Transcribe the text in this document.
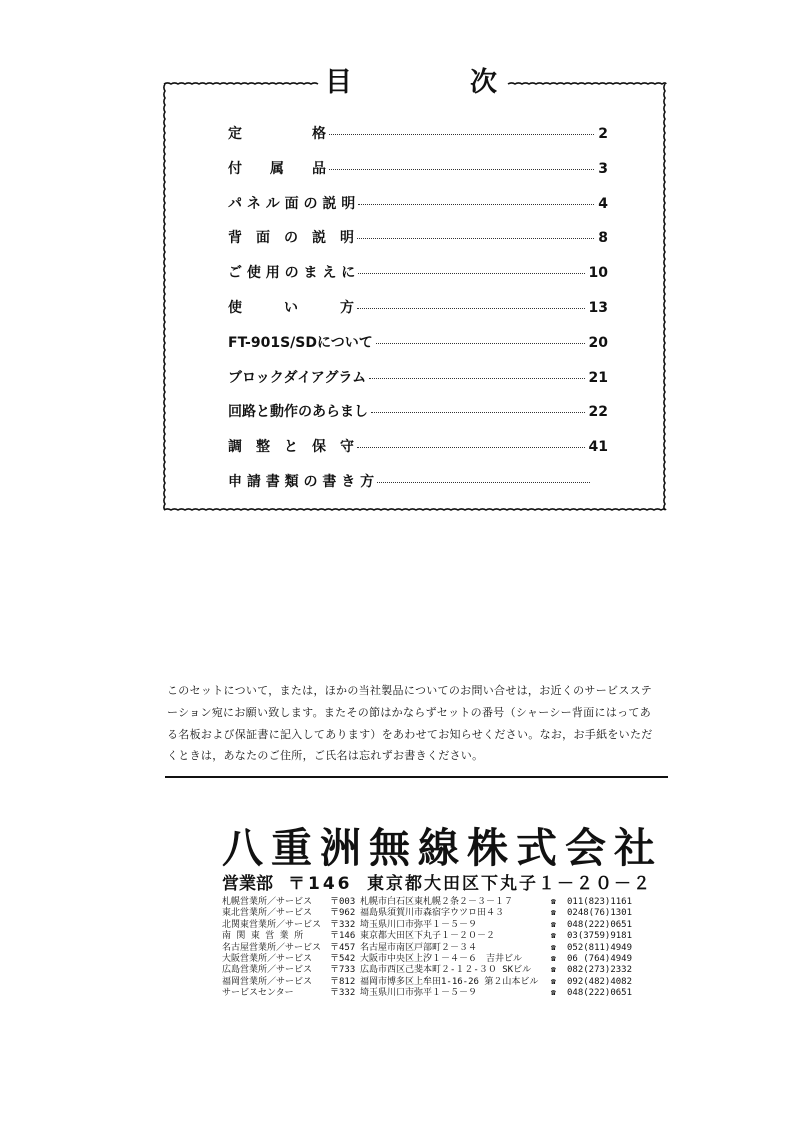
目	次
定　　　　　格	2
付　　属　　品	3
パ ネ ル 面 の 説 明	4
背　面　の　説　明	8
ご 使 用 の ま え に	10
使　　　い　　　方	13
FT-901S/SDについて	20
ブロックダイアグラム	21
回路と動作のあらまし	22
調　整　と　保　守	41
申 請 書 類 の 書 き 方
このセットについて，または，ほかの当社製品についてのお問い合せは，お近くのサービスステ
ーション宛にお願い致します。またその節はかならずセットの番号（シャーシー背面にはってあ
る名板および保証書に記入してあります）をあわせてお知らせください。なお，お手紙をいただ
くときは，あなたのご住所，ご氏名は忘れずお書きください。
八重洲無線株式会社
営業部 〒146 東京都大田区下丸子１－２０－２
札幌営業所／サービス 〒003 札幌市白石区東札幌２条２－３－１７	☎ 011(823)1161
東北営業所／サービス 〒962 福島県須賀川市森宿字ウツロ田４３	☎ 0248(76)1301
北関東営業所／サービス 〒332 埼玉県川口市弥平１－５－９	☎ 048(222)0651
南 関 東 営 業 所	〒146 東京都大田区下丸子１－２０－２	☎ 03(3759)9181
名古屋営業所／サービス 〒457 名古屋市南区戸部町２－３４	☎ 052(811)4949
大阪営業所／サービス 〒542 大阪市中央区上汐１－４－６　吉井ビル	☎ 06 (764)4949
広島営業所／サービス 〒733 広島市西区己斐本町２-１２-３０ SKビル ☎ 082(273)2332
福岡営業所／サービス 〒812 福岡市博多区上牟田1-16-26 第２山本ビル ☎ 092(482)4082
サービスセンター	〒332 埼玉県川口市弥平１－５－９	☎ 048(222)0651
